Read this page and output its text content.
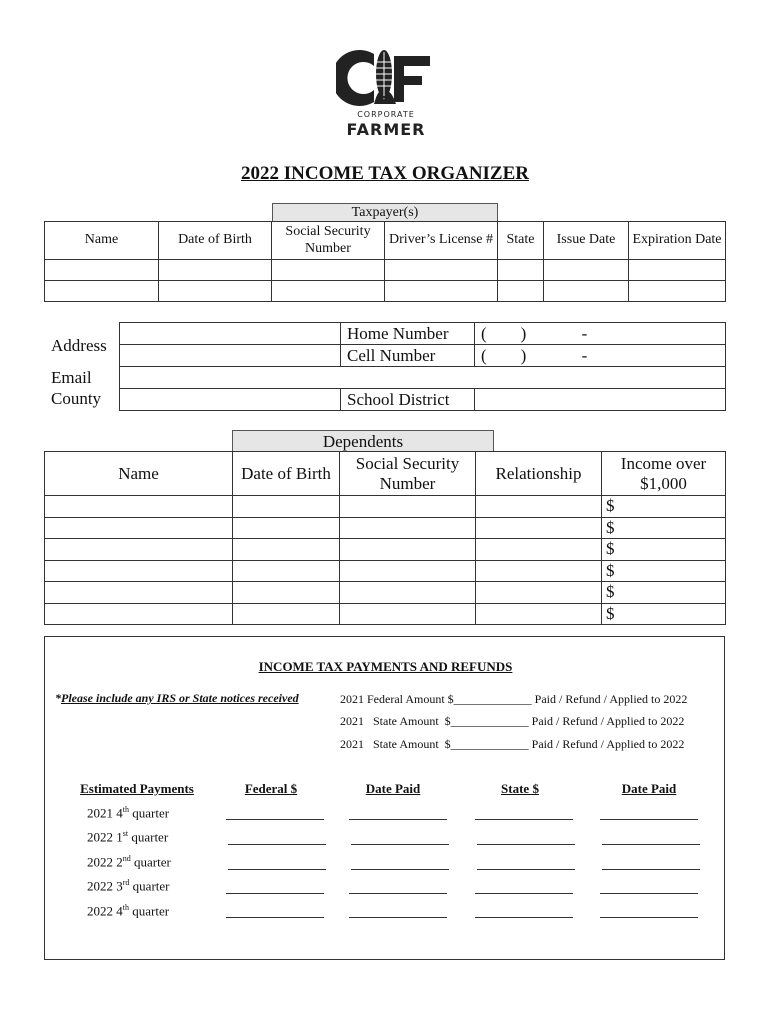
CORPORATE
FARMER
2022 INCOME TAX ORGANIZER
Taxpayer(s)
Name	Date of Birth	Social Security Number	Driver’s License #	State	Issue Date	Expiration Date

Address
Email
County
	Home Number	(        )             -
	Cell Number	(        )             -

	School District	
Dependents
Name	Date of Birth	Social Security Number	Relationship	Income over $1,000
				$
				$
				$
				$
				$
				$
INCOME TAX PAYMENTS AND REFUNDS
*Please include any IRS or State notices received	2021 Federal Amount $_____________ Paid / Refund / Applied to 2022
2021   State Amount  $_____________ Paid / Refund / Applied to 2022
2021   State Amount  $_____________ Paid / Refund / Applied to 2022
Estimated Payments	Federal $	Date Paid	State $	Date Paid
2021 4th quarter
2022 1st quarter
2022 2nd quarter
2022 3rd quarter
2022 4th quarter
